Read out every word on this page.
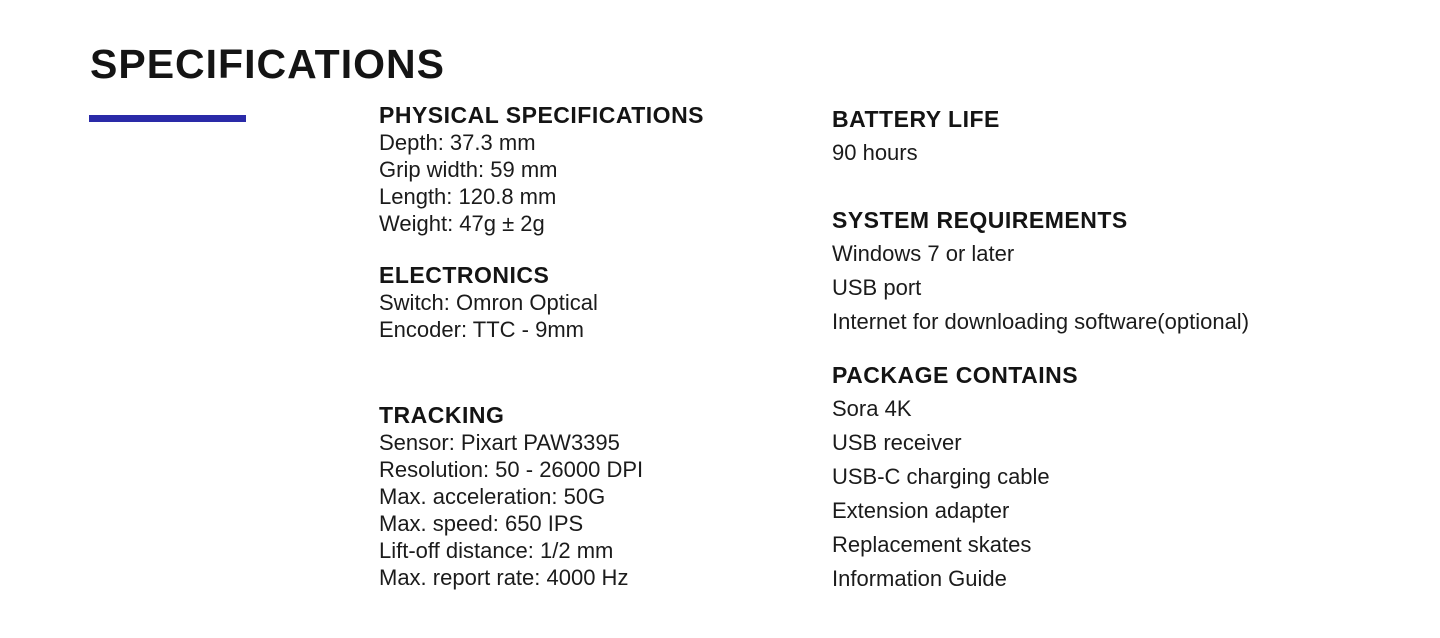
SPECIFICATIONS
PHYSICAL SPECIFICATIONS
Depth: 37.3 mm
Grip width: 59 mm
Length: 120.8 mm
Weight: 47g ± 2g
ELECTRONICS
Switch: Omron Optical
Encoder: TTC - 9mm
TRACKING
Sensor: Pixart PAW3395
Resolution: 50 - 26000 DPI
Max. acceleration: 50G
Max. speed: 650 IPS
Lift-off distance: 1/2 mm
Max. report rate: 4000 Hz
BATTERY LIFE
90 hours
SYSTEM REQUIREMENTS
Windows 7 or later
USB port
Internet for downloading software(optional)
PACKAGE CONTAINS
Sora 4K
USB receiver
USB-C charging cable
Extension adapter
Replacement skates
Information Guide
